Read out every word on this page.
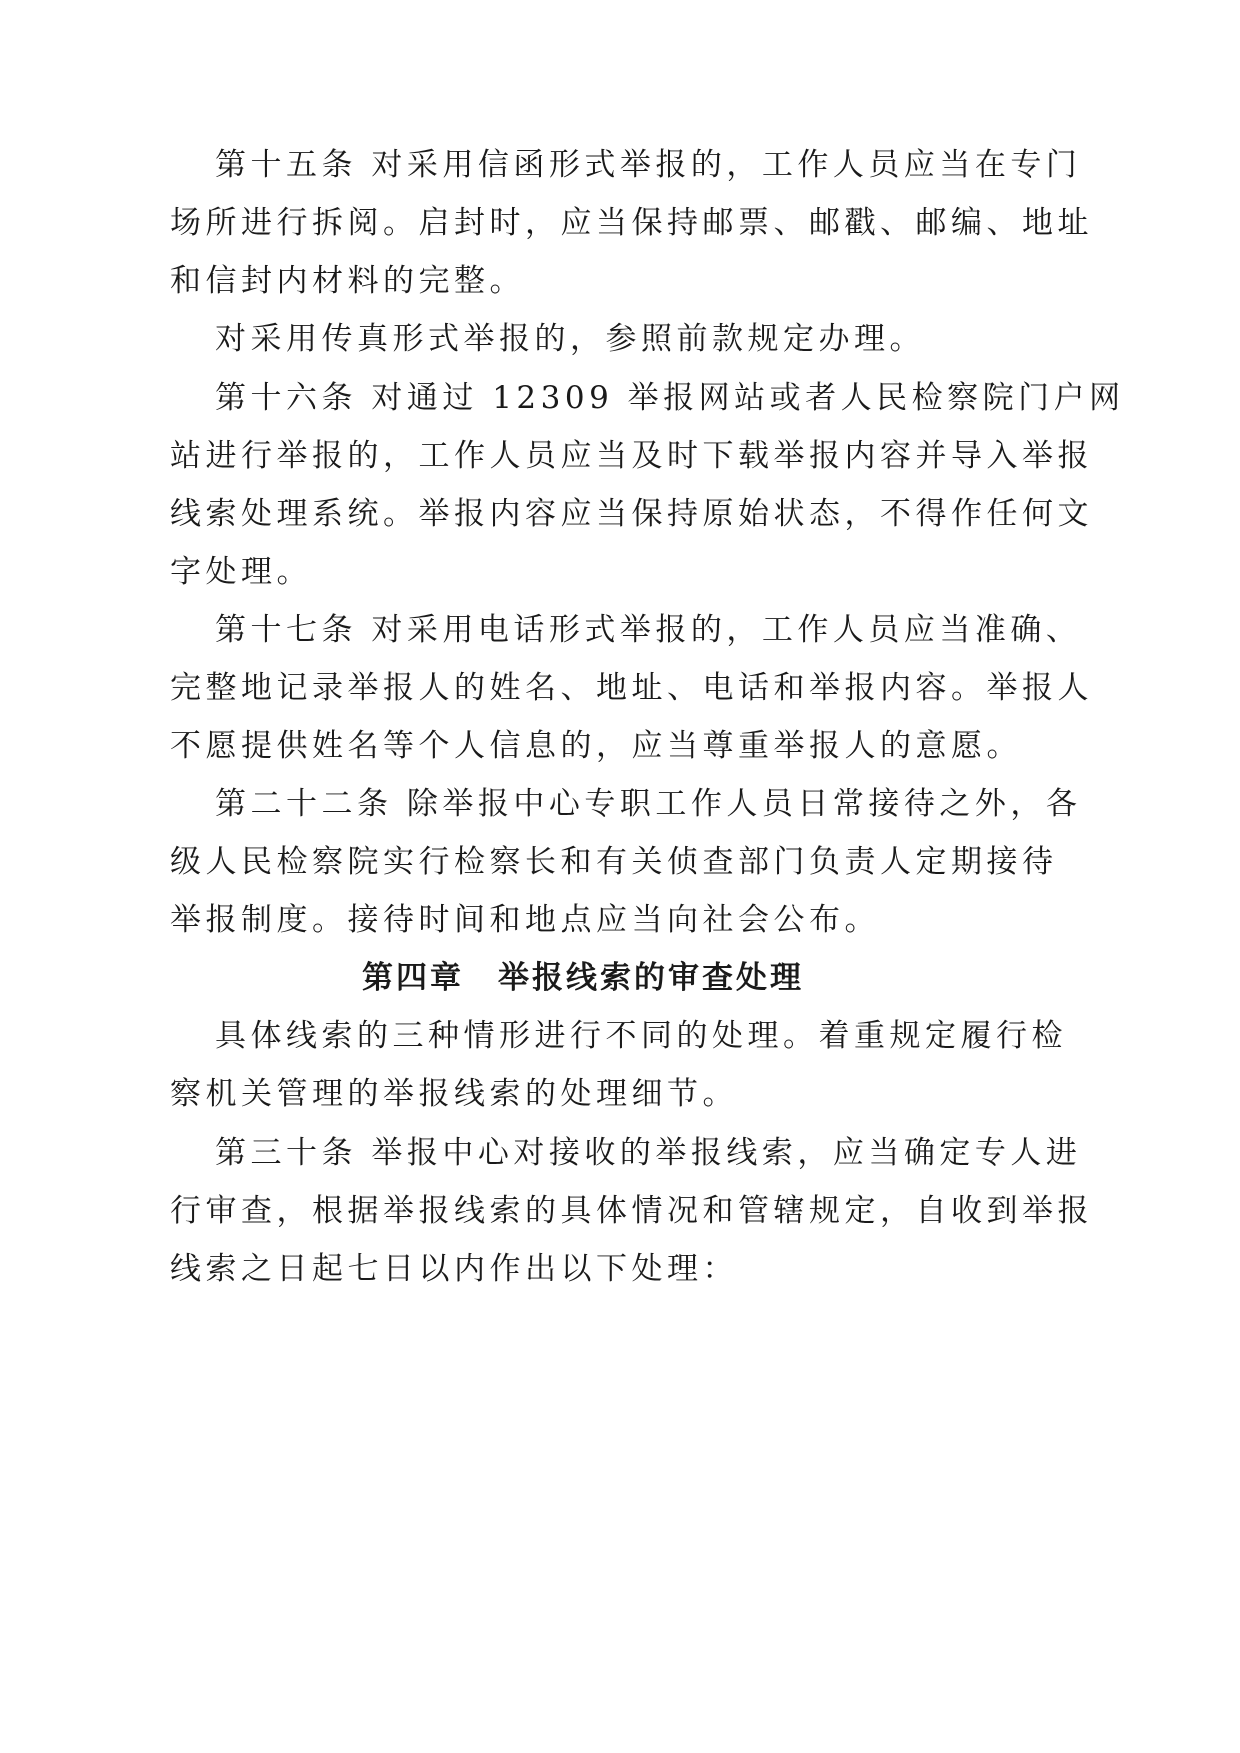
第十五条 对采用信函形式举报的，工作人员应当在专门
场所进行拆阅。启封时，应当保持邮票、邮戳、邮编、地址
和信封内材料的完整。
对采用传真形式举报的，参照前款规定办理。
第十六条 对通过 12309 举报网站或者人民检察院门户网
站进行举报的，工作人员应当及时下载举报内容并导入举报
线索处理系统。举报内容应当保持原始状态，不得作任何文
字处理。
第十七条 对采用电话形式举报的，工作人员应当准确、
完整地记录举报人的姓名、地址、电话和举报内容。举报人
不愿提供姓名等个人信息的，应当尊重举报人的意愿。
第二十二条 除举报中心专职工作人员日常接待之外，各
级人民检察院实行检察长和有关侦查部门负责人定期接待
举报制度。接待时间和地点应当向社会公布。
第四章　举报线索的审查处理
具体线索的三种情形进行不同的处理。着重规定履行检
察机关管理的举报线索的处理细节。
第三十条 举报中心对接收的举报线索，应当确定专人进
行审查，根据举报线索的具体情况和管辖规定，自收到举报
线索之日起七日以内作出以下处理：
